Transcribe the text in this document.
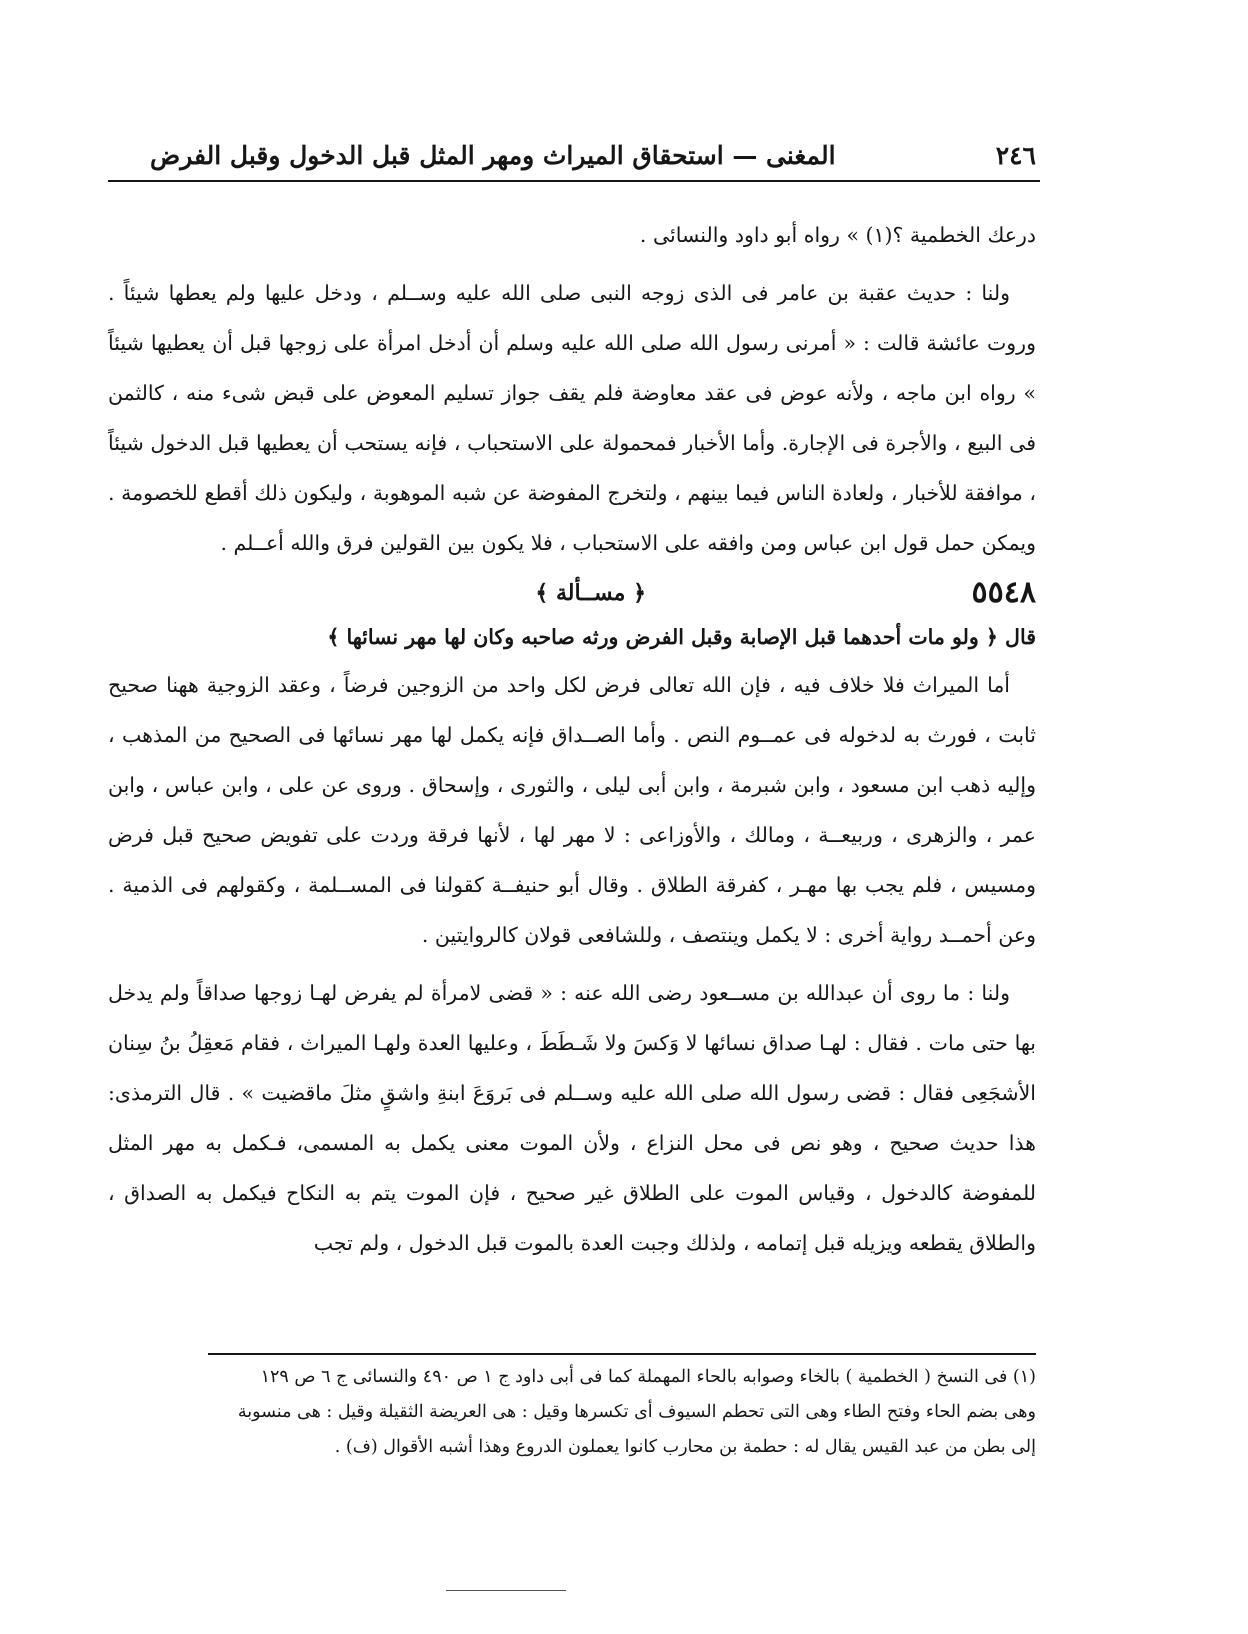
٢٤٦
المغنى — استحقاق الميراث ومهر المثل قبل الدخول وقبل الفرض

درعك الخطمية ؟(١) » رواه أبو داود والنسائى .

ولنا : حديث عقبة بن عامر فى الذى زوجه النبى صلى الله عليه وســلم ، ودخل عليها ولم يعطها شيئاً . وروت عائشة قالت : « أمرنى رسول الله صلى الله عليه وسلم أن أدخل امرأة على زوجها قبل أن يعطيها شيئاً » رواه ابن ماجه ، ولأنه عوض فى عقد معاوضة فلم يقف جواز تسليم المعوض على قبض شىء منه ، كالثمن فى البيع ، والأجرة فى الإجارة. وأما الأخبار فمحمولة على الاستحباب ، فإنه يستحب أن يعطيها قبل الدخول شيئاً ، موافقة للأخبار ، ولعادة الناس فيما بينهم ، ولتخرج المفوضة عن شبه الموهوبة ، وليكون ذلك أقطع للخصومة . ويمكن حمل قول ابن عباس ومن وافقه على الاستحباب ، فلا يكون بين القولين فرق والله أعــلم .

٥٥٤٨
﴿ مســألة ﴾

قال ﴿ ولو مات أحدهما قبل الإصابة وقبل الفرض ورثه صاحبه وكان لها مهر نسائها ﴾

أما الميراث فلا خلاف فيه ، فإن الله تعالى فرض لكل واحد من الزوجين فرضاً ، وعقد الزوجية ههنا صحيح ثابت ، فورث به لدخوله فى عمــوم النص . وأما الصــداق فإنه يكمل لها مهر نسائها فى الصحيح من المذهب ، وإليه ذهب ابن مسعود ، وابن شبرمة ، وابن أبى ليلى ، والثورى ، وإسحاق . وروى عن على ، وابن عباس ، وابن عمر ، والزهرى ، وربيعــة ، ومالك ، والأوزاعى : لا مهر لها ، لأنها فرقة وردت على تفويض صحيح قبل فرض ومسيس ، فلم يجب بها مهـر ، كفرقة الطلاق . وقال أبو حنيفــة كقولنا فى المســلمة ، وكقولهم فى الذمية . وعن أحمــد رواية أخرى : لا يكمل وينتصف ، وللشافعى قولان كالروايتين .

ولنا : ما روى أن عبدالله بن مســعود رضى الله عنه : « قضى لامرأة لم يفرض لهـا زوجها صداقاً ولم يدخل بها حتى مات . فقال : لهـا صداق نسائها لا وَكسَ ولا شَـطَطَ ، وعليها العدة ولهـا الميراث ، فقام مَعقِلُ بنُ سِنان الأشجَعِى فقال : قضى رسول الله صلى الله عليه وســلم فى بَروَعَ ابنةِ واشقٍ مثلَ ماقضيت » . قال الترمذى: هذا حديث صحيح ، وهو نص فى محل النزاع ، ولأن الموت معنى يكمل به المسمى، فـكمل به مهر المثل للمفوضة كالدخول ، وقياس الموت على الطلاق غير صحيح ، فإن الموت يتم به النكاح فيكمل به الصداق ، والطلاق يقطعه ويزيله قبل إتمامه ، ولذلك وجبت العدة بالموت قبل الدخول ، ولم تجب

(١) فى النسخ ( الخطمية ) بالخاء وصوابه بالحاء المهملة كما فى أبى داود ج ١ ص ٤٩٠ والنسائى ج ٦ ص ١٢٩

وهى بضم الحاء وفتح الطاء وهى التى تحطم السيوف أى تكسرها وقيل : هى العريضة الثقيلة وقيل : هى منسوبة

إلى بطن من عبد القيس يقال له : حطمة بن محارب كانوا يعملون الدروع وهذا أشبه الأقوال (ف) .
